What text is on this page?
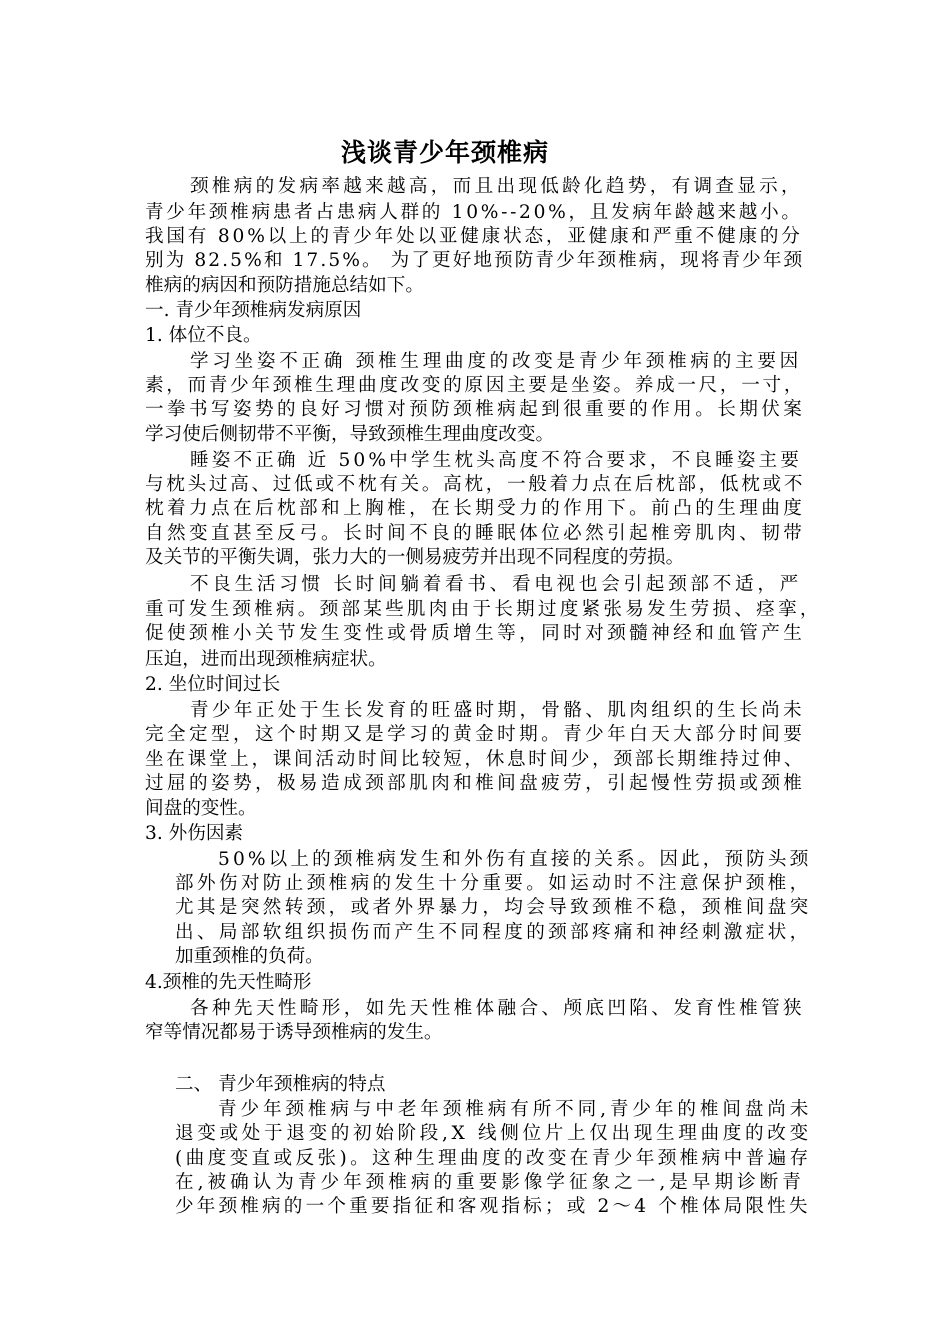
浅谈青少年颈椎病
颈椎病的发病率越来越高，而且出现低龄化趋势，有调查显示，
青少年颈椎病患者占患病人群的 10%--20%，且发病年龄越来越小。
我国有 80%以上的青少年处以亚健康状态，亚健康和严重不健康的分
别为 82.5%和 17.5%。 为了更好地预防青少年颈椎病，现将青少年颈
椎病的病因和预防措施总结如下。
一. 青少年颈椎病发病原因
1. 体位不良。
学习坐姿不正确 颈椎生理曲度的改变是青少年颈椎病的主要因
素，而青少年颈椎生理曲度改变的原因主要是坐姿。养成一尺，一寸，
一拳书写姿势的良好习惯对预防颈椎病起到很重要的作用。长期伏案
学习使后侧韧带不平衡，导致颈椎生理曲度改变。
睡姿不正确 近 50%中学生枕头高度不符合要求，不良睡姿主要
与枕头过高、过低或不枕有关。高枕，一般着力点在后枕部，低枕或不
枕着力点在后枕部和上胸椎，在长期受力的作用下。前凸的生理曲度
自然变直甚至反弓。长时间不良的睡眠体位必然引起椎旁肌肉、韧带
及关节的平衡失调，张力大的一侧易疲劳并出现不同程度的劳损。
不良生活习惯 长时间躺着看书、看电视也会引起颈部不适，严
重可发生颈椎病。颈部某些肌肉由于长期过度紧张易发生劳损、痉挛，
促使颈椎小关节发生变性或骨质增生等，同时对颈髓神经和血管产生
压迫，进而出现颈椎病症状。
2. 坐位时间过长
青少年正处于生长发育的旺盛时期，骨骼、肌肉组织的生长尚未
完全定型，这个时期又是学习的黄金时期。青少年白天大部分时间要
坐在课堂上，课间活动时间比较短，休息时间少，颈部长期维持过伸、
过屈的姿势，极易造成颈部肌肉和椎间盘疲劳，引起慢性劳损或颈椎
间盘的变性。
3. 外伤因素
50%以上的颈椎病发生和外伤有直接的关系。因此，预防头颈
部外伤对防止颈椎病的发生十分重要。如运动时不注意保护颈椎，
尤其是突然转颈，或者外界暴力，均会导致颈椎不稳，颈椎间盘突
出、局部软组织损伤而产生不同程度的颈部疼痛和神经刺激症状，
加重颈椎的负荷。
4.颈椎的先天性畸形
各种先天性畸形，如先天性椎体融合、颅底凹陷、发育性椎管狭
窄等情况都易于诱导颈椎病的发生。
二、 青少年颈椎病的特点
青少年颈椎病与中老年颈椎病有所不同,青少年的椎间盘尚未
退变或处于退变的初始阶段,X 线侧位片上仅出现生理曲度的改变
(曲度变直或反张)。这种生理曲度的改变在青少年颈椎病中普遍存
在,被确认为青少年颈椎病的重要影像学征象之一,是早期诊断青
少年颈椎病的一个重要指征和客观指标；或 2～4 个椎体局限性失
